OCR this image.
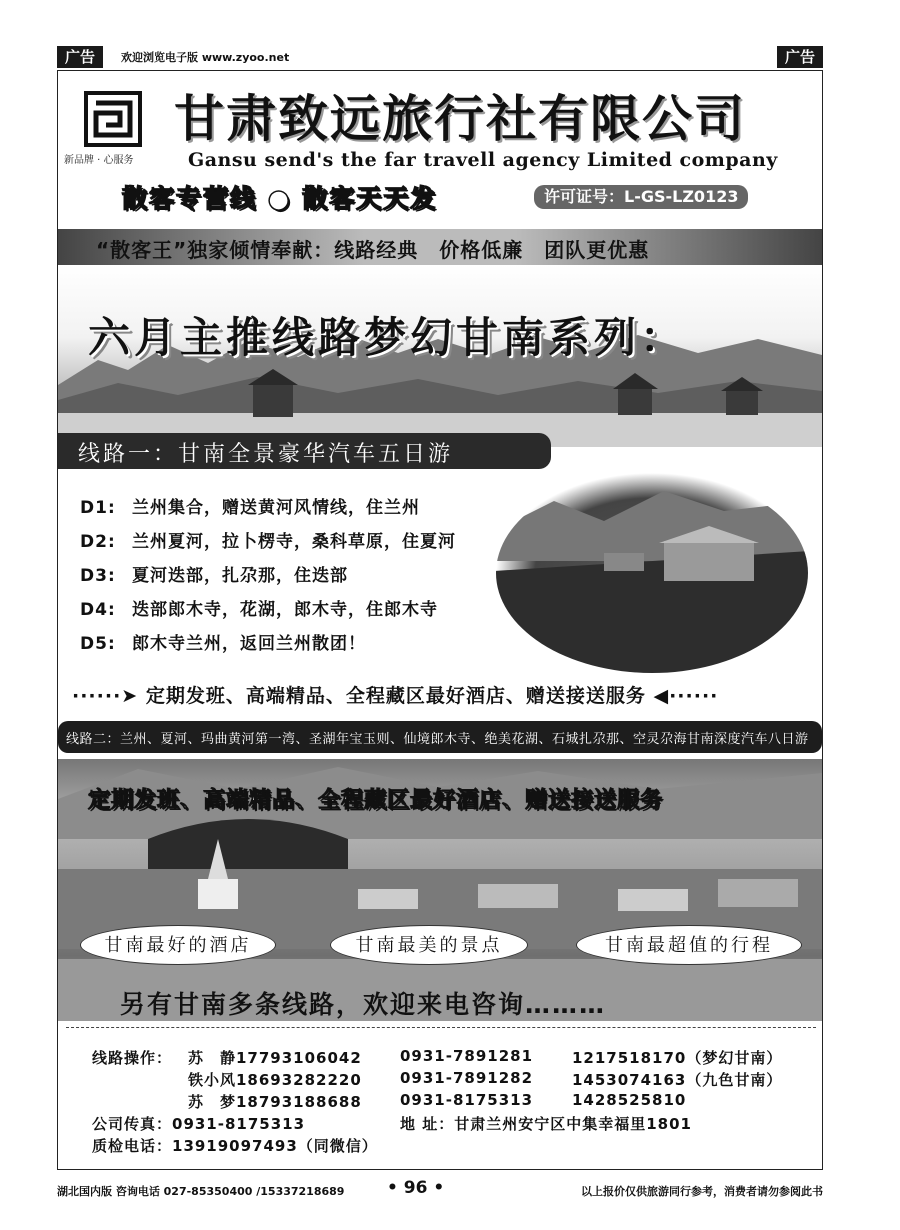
广告	欢迎浏览电子版 www.zyoo.net	广告
新品牌 · 心服务
甘肃致远旅行社有限公司
Gansu send's the far travell agency Limited company
散客专营线 ● 散客天天发	许可证号：L-GS-LZ0123
“散客王”独家倾情奉献：线路经典　价格低廉　团队更优惠
六月主推线路梦幻甘南系列：
线路一：甘南全景豪华汽车五日游
D1: 兰州集合，赠送黄河风情线，住兰州
D2: 兰州夏河，拉卜楞寺，桑科草原，住夏河
D3: 夏河迭部，扎尕那，住迭部
D4: 迭部郎木寺，花湖，郎木寺，住郎木寺
D5: 郎木寺兰州，返回兰州散团！
······➤ 定期发班、高端精品、全程藏区最好酒店、赠送接送服务 ◀······
线路二：兰州、夏河、玛曲黄河第一湾、圣湖年宝玉则、仙境郎木寺、绝美花湖、石城扎尕那、空灵尕海甘南深度汽车八日游
定期发班、高端精品、全程藏区最好酒店、赠送接送服务
甘南最好的酒店	甘南最美的景点	甘南最超值的行程
另有甘南多条线路，欢迎来电咨询………
线路操作： 苏　静17793106042	0931-7891281	1217518170（梦幻甘南）
铁小风18693282220	0931-7891282	1453074163（九色甘南）
苏　梦18793188688	0931-8175313	1428525810
公司传真：0931-8175313	地 址：甘肃兰州安宁区中集幸福里1801
质检电话：13919097493（同微信）
湖北国内版 咨询电话 027-85350400 /15337218689	• 96 •	以上报价仅供旅游同行参考，消费者请勿参阅此书
